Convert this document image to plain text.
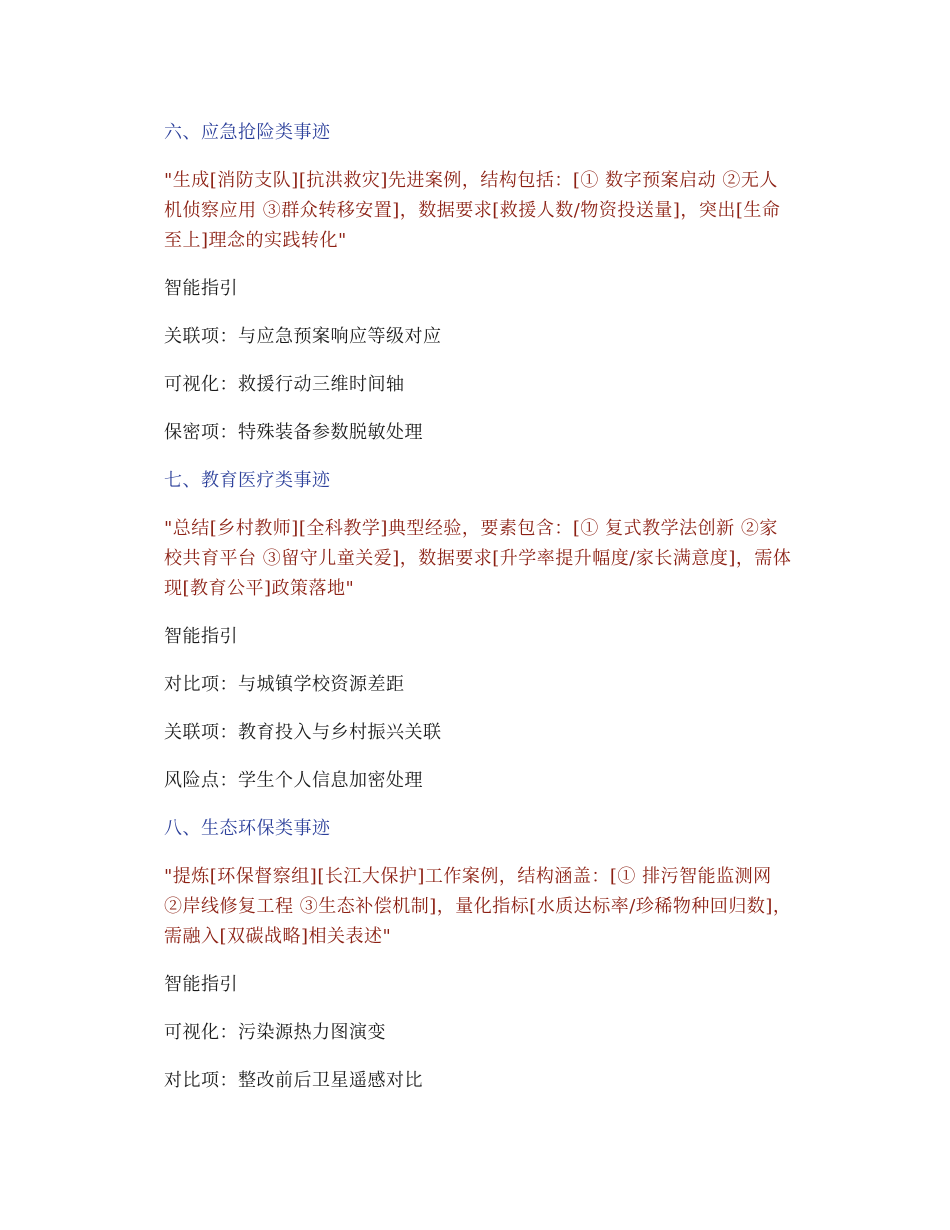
六、应急抢险类事迹
"生成[消防支队][抗洪救灾]先进案例，结构包括：[① 数字预案启动 ②无人机侦察应用 ③群众转移安置]，数据要求[救援人数/物资投送量]，突出[生命至上]理念的实践转化"
智能指引
关联项：与应急预案响应等级对应
可视化：救援行动三维时间轴
保密项：特殊装备参数脱敏处理
七、教育医疗类事迹
"总结[乡村教师][全科教学]典型经验，要素包含：[① 复式教学法创新 ②家校共育平台 ③留守儿童关爱]，数据要求[升学率提升幅度/家长满意度]，需体现[教育公平]政策落地"
智能指引
对比项：与城镇学校资源差距
关联项：教育投入与乡村振兴关联
风险点：学生个人信息加密处理
八、生态环保类事迹
"提炼[环保督察组][长江大保护]工作案例，结构涵盖：[① 排污智能监测网 ②岸线修复工程 ③生态补偿机制]，量化指标[水质达标率/珍稀物种回归数]，需融入[双碳战略]相关表述"
智能指引
可视化：污染源热力图演变
对比项：整改前后卫星遥感对比
